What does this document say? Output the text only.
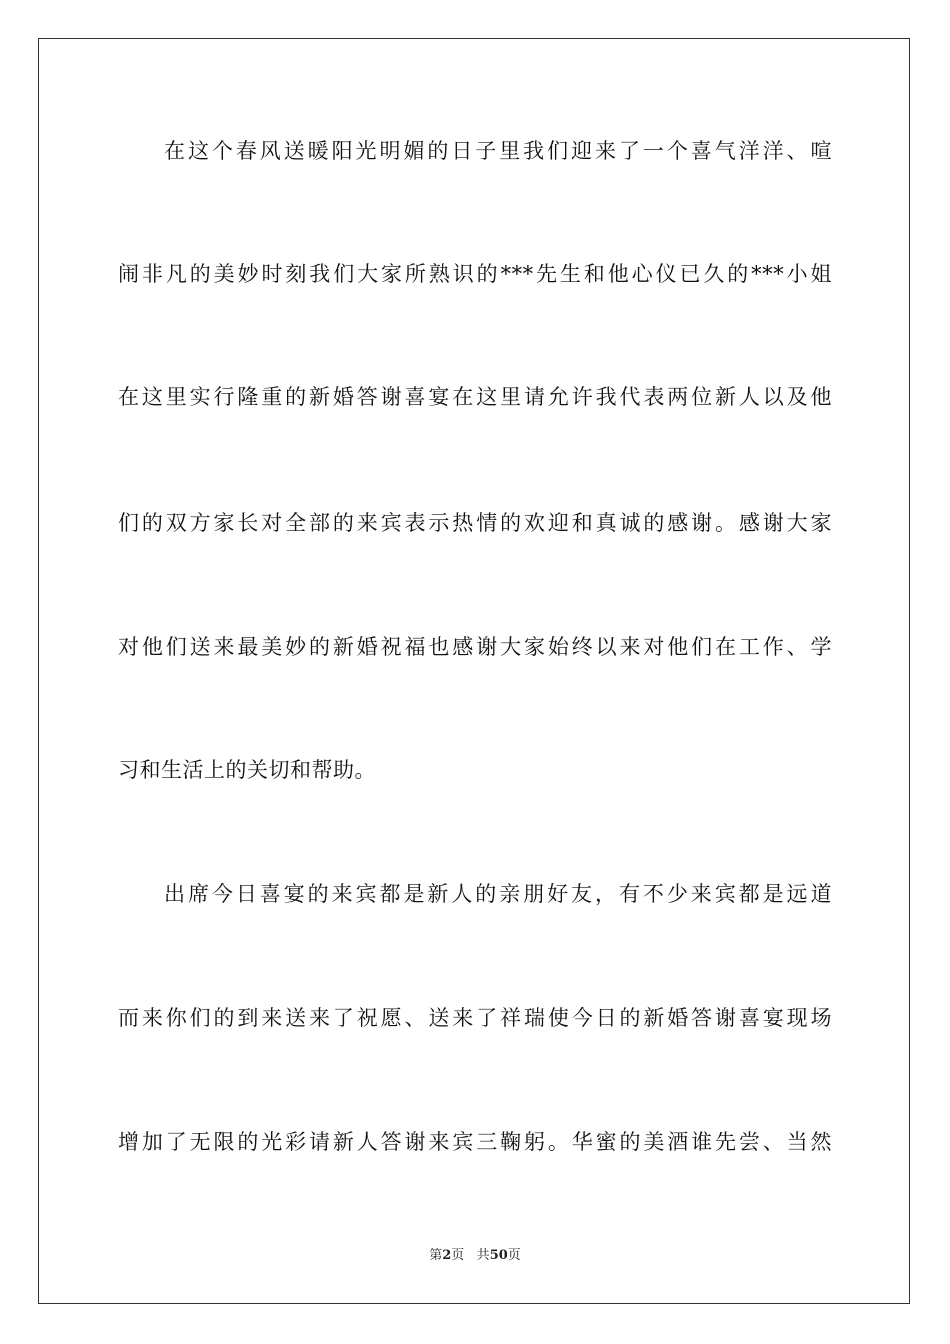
在这个春风送暖阳光明媚的日子里我们迎来了一个喜气洋洋、喧
闹非凡的美妙时刻我们大家所熟识的***先生和他心仪已久的***小姐
在这里实行隆重的新婚答谢喜宴在这里请允许我代表两位新人以及他
们的双方家长对全部的来宾表示热情的欢迎和真诚的感谢。感谢大家
对他们送来最美妙的新婚祝福也感谢大家始终以来对他们在工作、学
习和生活上的关切和帮助。
出席今日喜宴的来宾都是新人的亲朋好友，有不少来宾都是远道
而来你们的到来送来了祝愿、送来了祥瑞使今日的新婚答谢喜宴现场
增加了无限的光彩请新人答谢来宾三鞠躬。华蜜的美酒谁先尝、当然
第2页 共50页
